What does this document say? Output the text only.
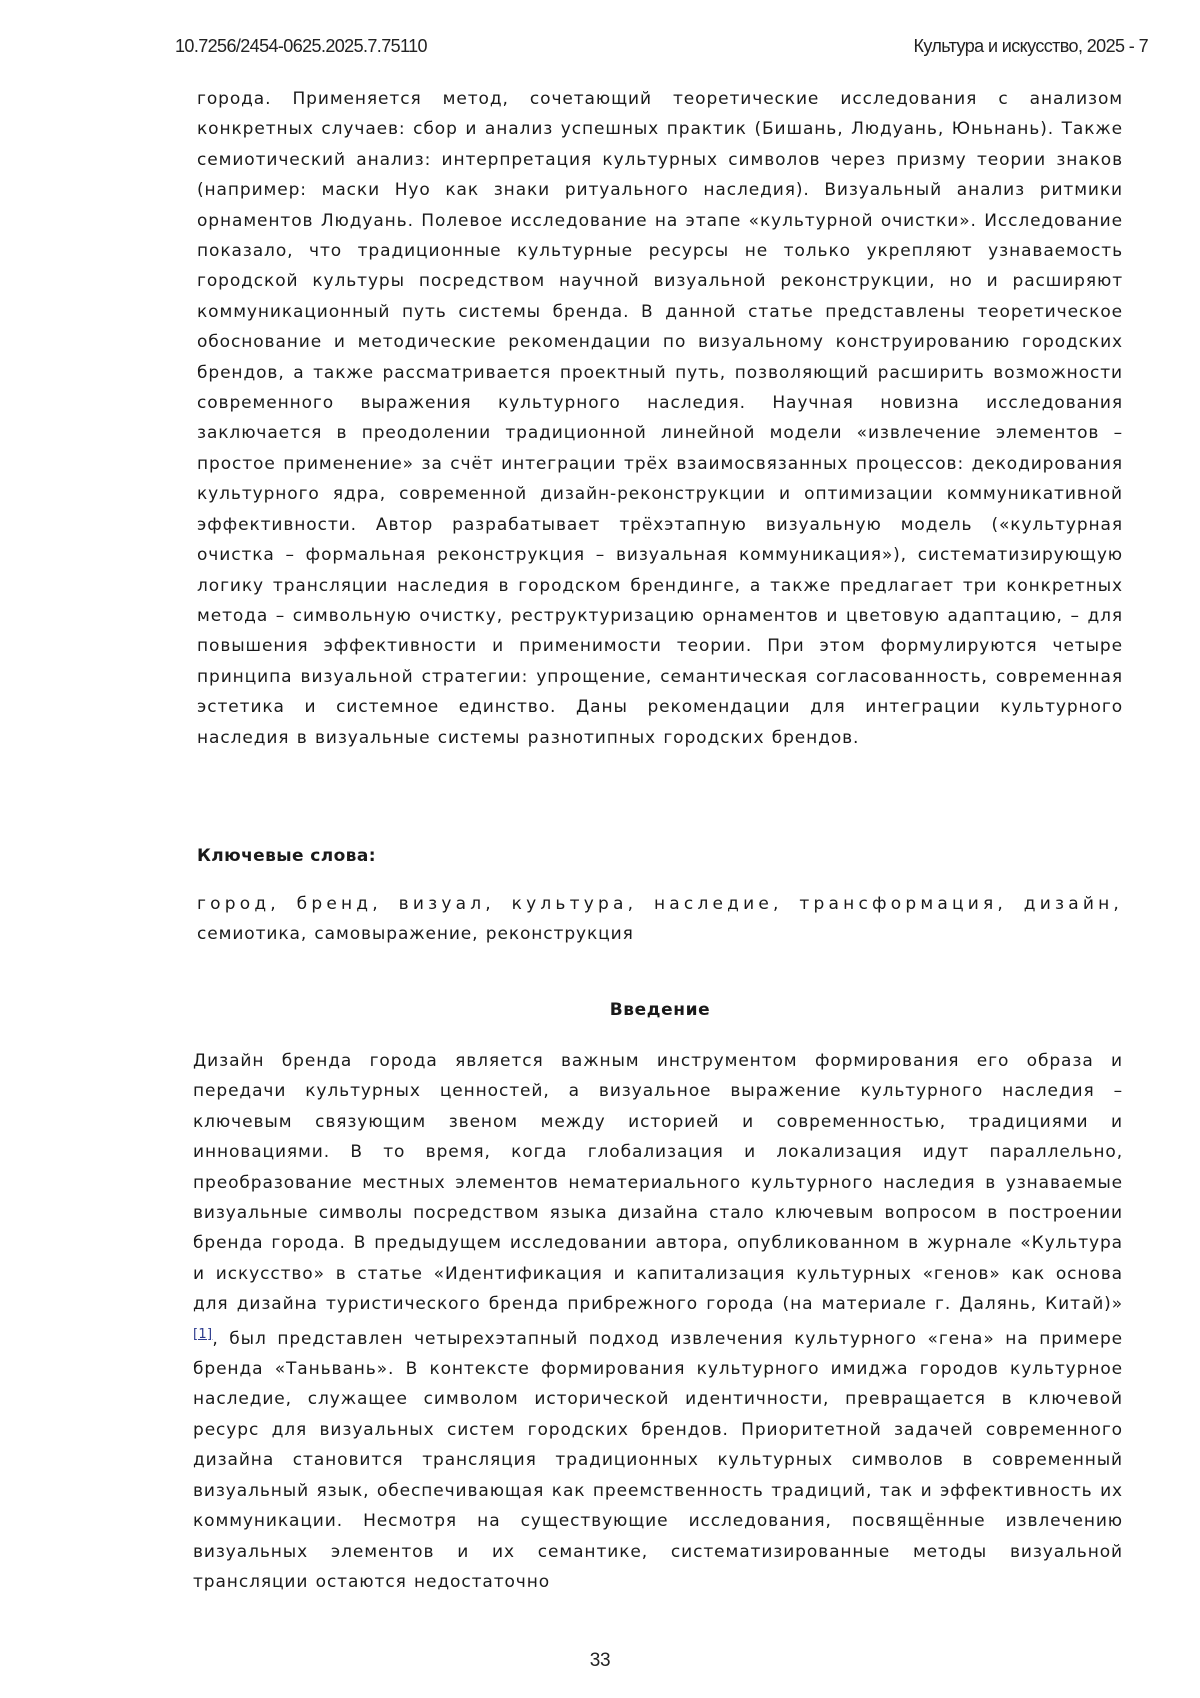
10.7256/2454-0625.2025.7.75110	Культура и искусство, 2025 - 7

города. Применяется метод, сочетающий теоретические исследования с анализом конкретных случаев: сбор и анализ успешных практик (Бишань, Людуань, Юньнань). Также семиотический анализ: интерпретация культурных символов через призму теории знаков (например: маски Нуо как знаки ритуального наследия). Визуальный анализ ритмики орнаментов Людуань. Полевое исследование на этапе «культурной очистки». Исследование показало, что традиционные культурные ресурсы не только укрепляют узнаваемость городской культуры посредством научной визуальной реконструкции, но и расширяют коммуникационный путь системы бренда. В данной статье представлены теоретическое обоснование и методические рекомендации по визуальному конструированию городских брендов, а также рассматривается проектный путь, позволяющий расширить возможности современного выражения культурного наследия. Научная новизна исследования заключается в преодолении традиционной линейной модели «извлечение элементов – простое применение» за счёт интеграции трёх взаимосвязанных процессов: декодирования культурного ядра, современной дизайн-реконструкции и оптимизации коммуникативной эффективности. Автор разрабатывает трёхэтапную визуальную модель («культурная очистка – формальная реконструкция – визуальная коммуникация»), систематизирующую логику трансляции наследия в городском брендинге, а также предлагает три конкретных метода – символьную очистку, реструктуризацию орнаментов и цветовую адаптацию, – для повышения эффективности и применимости теории. При этом формулируются четыре принципа визуальной стратегии: упрощение, семантическая согласованность, современная эстетика и системное единство. Даны рекомендации для интеграции культурного наследия в визуальные системы разнотипных городских брендов.

Ключевые слова:

город, бренд, визуал, культура, наследие, трансформация, дизайн, семиотика, самовыражение, реконструкция

Введение

Дизайн бренда города является важным инструментом формирования его образа и передачи культурных ценностей, а визуальное выражение культурного наследия – ключевым связующим звеном между историей и современностью, традициями и инновациями. В то время, когда глобализация и локализация идут параллельно, преобразование местных элементов нематериального культурного наследия в узнаваемые визуальные символы посредством языка дизайна стало ключевым вопросом в построении бренда города. В предыдущем исследовании автора, опубликованном в журнале «Культура и искусство» в статье «Идентификация и капитализация культурных «генов» как основа для дизайна туристического бренда прибрежного города (на материале г. Далянь, Китай)» [1], был представлен четырехэтапный подход извлечения культурного «гена» на примере бренда «Таньвань». В контексте формирования культурного имиджа городов культурное наследие, служащее символом исторической идентичности, превращается в ключевой ресурс для визуальных систем городских брендов. Приоритетной задачей современного дизайна становится трансляция традиционных культурных символов в современный визуальный язык, обеспечивающая как преемственность традиций, так и эффективность их коммуникации. Несмотря на существующие исследования, посвящённые извлечению визуальных элементов и их семантике, систематизированные методы визуальной трансляции остаются недостаточно

33
